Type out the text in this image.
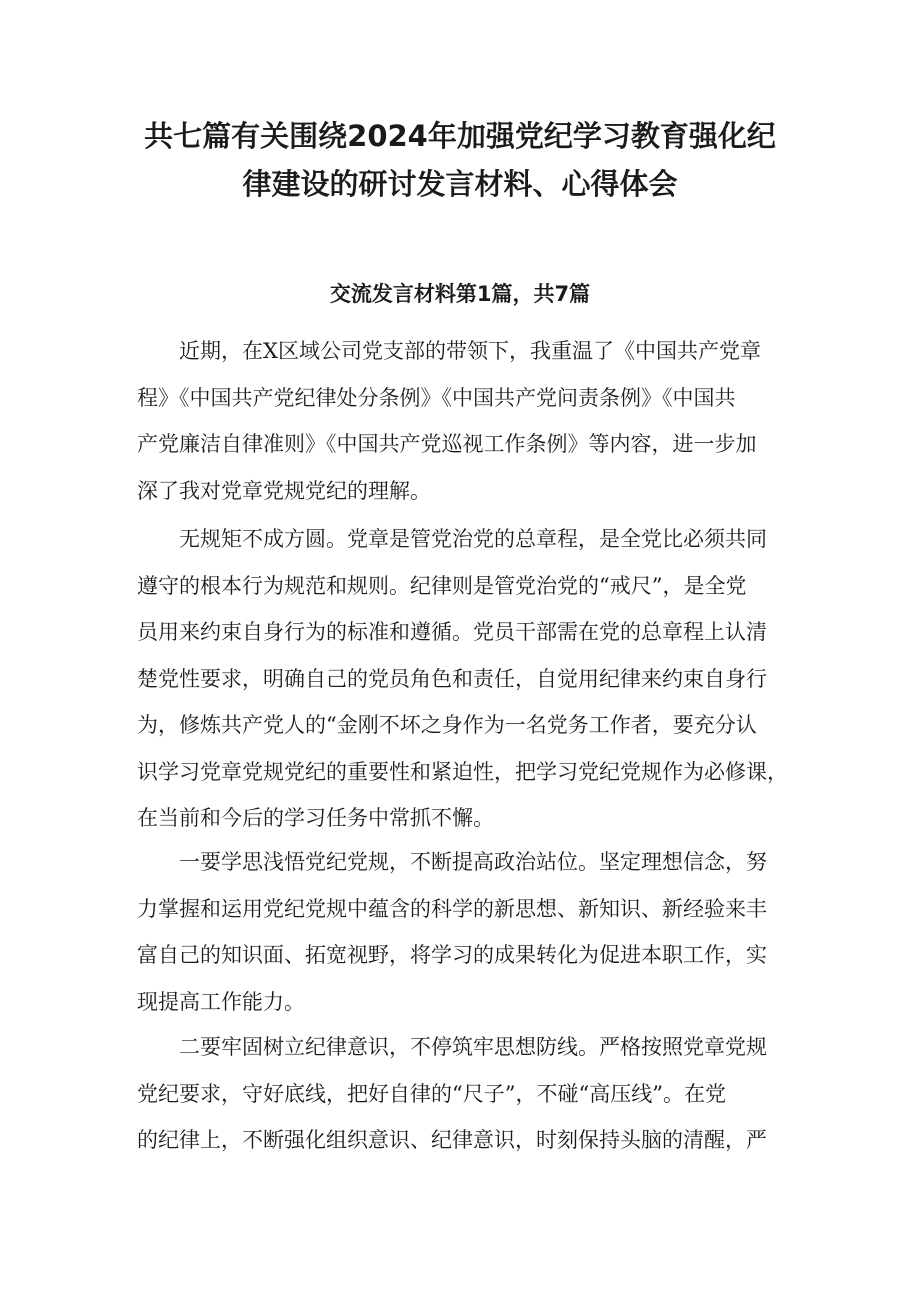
共七篇有关围绕2024年加强党纪学习教育强化纪
律建设的研讨发言材料、心得体会
交流发言材料第1篇，共7篇
　　近期，在X区域公司党支部的带领下，我重温了《中国共产党章
程》《中国共产党纪律处分条例》《中国共产党问责条例》《中国共
产党廉洁自律准则》《中国共产党巡视工作条例》等内容，进一步加
深了我对党章党规党纪的理解。
　　无规矩不成方圆。党章是管党治党的总章程，是全党比必须共同
遵守的根本行为规范和规则。纪律则是管党治党的“戒尺”，是全党
员用来约束自身行为的标准和遵循。党员干部需在党的总章程上认清
楚党性要求，明确自己的党员角色和责任，自觉用纪律来约束自身行
为，修炼共产党人的“金刚不坏之身作为一名党务工作者，要充分认
识学习党章党规党纪的重要性和紧迫性，把学习党纪党规作为必修课，
在当前和今后的学习任务中常抓不懈。
　　一要学思浅悟党纪党规，不断提高政治站位。坚定理想信念，努
力掌握和运用党纪党规中蕴含的科学的新思想、新知识、新经验来丰
富自己的知识面、拓宽视野，将学习的成果转化为促进本职工作，实
现提高工作能力。
　　二要牢固树立纪律意识，不停筑牢思想防线。严格按照党章党规
党纪要求，守好底线，把好自律的“尺子”，不碰“高压线”。在党
的纪律上，不断强化组织意识、纪律意识，时刻保持头脑的清醒，严
